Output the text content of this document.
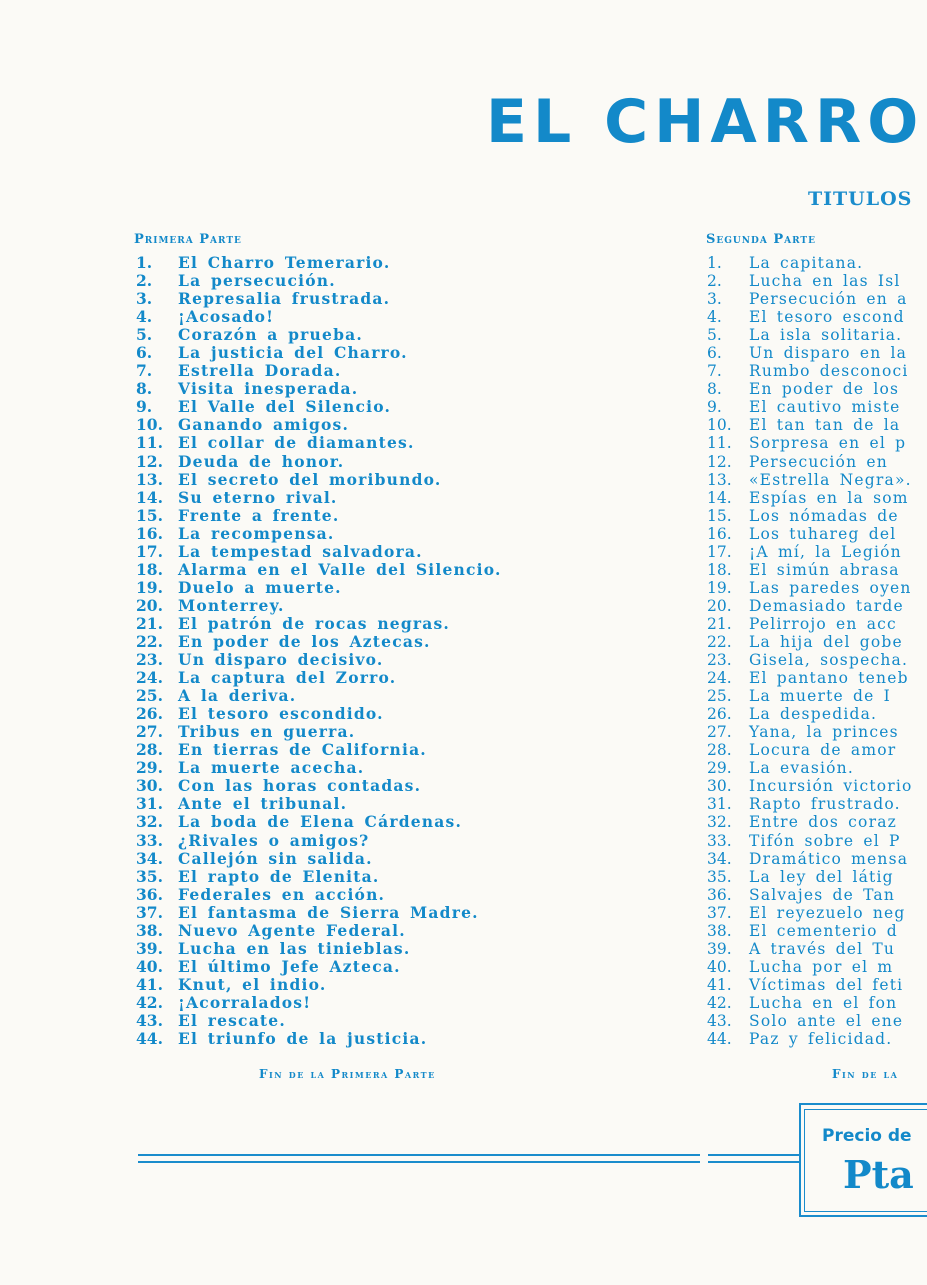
EL CHARRO
TITULOS
Primera Parte	Segunda Parte
1.	El Charro Temerario.
2.	La persecución.
3.	Represalia frustrada.
4.	¡Acosado!
5.	Corazón a prueba.
6.	La justicia del Charro.
7.	Estrella Dorada.
8.	Visita inesperada.
9.	El Valle del Silencio.
10. Ganando amigos.
11. El collar de diamantes.
12. Deuda de honor.
13. El secreto del moribundo.
14. Su eterno rival.
15. Frente a frente.
16. La recompensa.
17. La tempestad salvadora.
18. Alarma en el Valle del Silencio.
19. Duelo a muerte.
20. Monterrey.
21. El patrón de rocas negras.
22. En poder de los Aztecas.
23. Un disparo decisivo.
24. La captura del Zorro.
25. A la deriva.
26. El tesoro escondido.
27. Tribus en guerra.
28. En tierras de California.
29. La muerte acecha.
30. Con las horas contadas.
31. Ante el tribunal.
32. La boda de Elena Cárdenas.
33. ¿Rivales o amigos?
34. Callejón sin salida.
35. El rapto de Elenita.
36. Federales en acción.
37. El fantasma de Sierra Madre.
38. Nuevo Agente Federal.
39. Lucha en las tinieblas.
40. El último Jefe Azteca.
41. Knut, el indio.
42. ¡Acorralados!
43. El rescate.
44. El triunfo de la justicia.
1.	La capitana.
2.	Lucha en las Isl
3.	Persecución en a
4.	El tesoro escond
5.	La isla solitaria.
6.	Un disparo en la
7.	Rumbo desconoci
8.	En poder de los
9.	El cautivo miste
10.	El tan tan de la
11.	Sorpresa en el p
12.	Persecución en
13.	«Estrella Negra».
14.	Espías en la som
15.	Los nómadas de
16.	Los tuhareg del
17.	¡A mí, la Legión
18.	El simún abrasa
19.	Las paredes oyen
20.	Demasiado tarde
21.	Pelirrojo en acc
22.	La hija del gobe
23.	Gisela, sospecha.
24.	El pantano teneb
25.	La muerte de I
26.	La despedida.
27.	Yana, la princes
28.	Locura de amor
29.	La evasión.
30.	Incursión victorio
31.	Rapto frustrado.
32.	Entre dos coraz
33.	Tifón sobre el P
34.	Dramático mensa
35.	La ley del látig
36.	Salvajes de Tan
37.	El reyezuelo neg
38.	El cementerio d
39.	A través del Tu
40.	Lucha por el m
41.	Víctimas del feti
42.	Lucha en el fon
43.	Solo ante el ene
44.	Paz y felicidad.
Fin de la Primera Parte	Fin de la
Precio de
Pta
